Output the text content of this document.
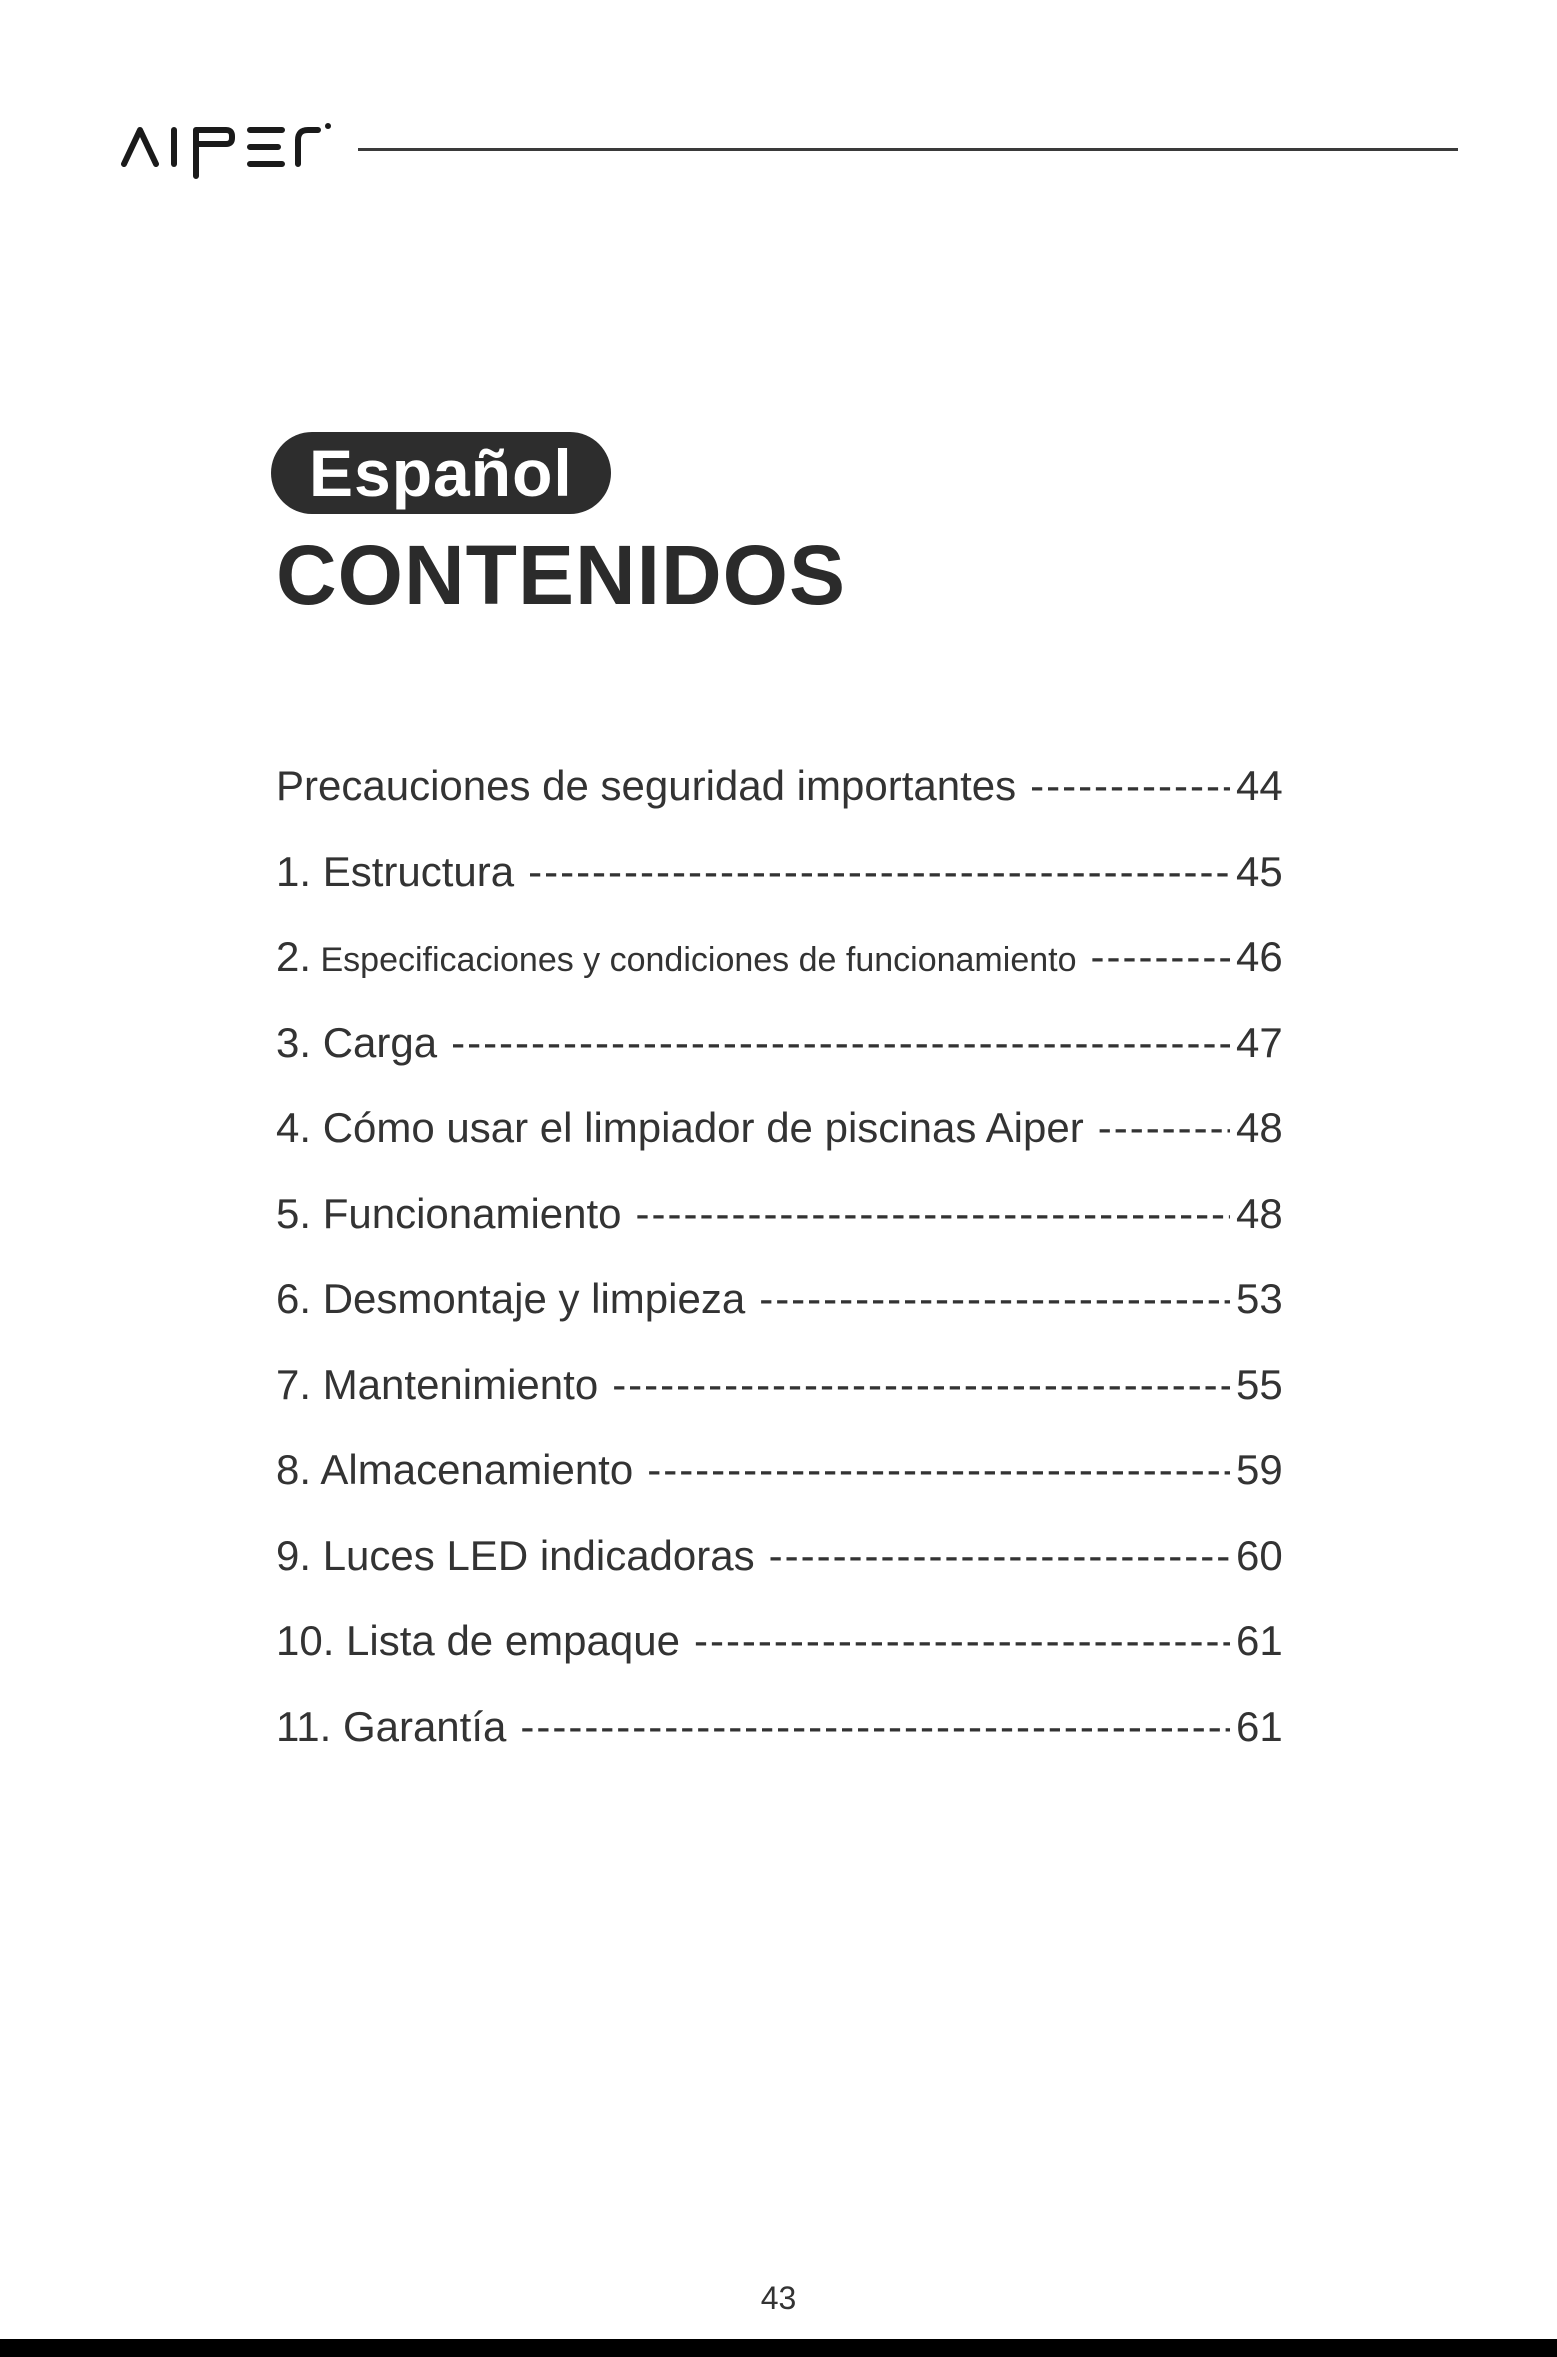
Español
CONTENIDOS
Precauciones de seguridad importantes -----	44
1. Estructura -----	45
2. Especificaciones y condiciones de funcionamiento -----	46
3. Carga -----	47
4. Cómo usar el limpiador de piscinas Aiper -----	48
5. Funcionamiento -----	48
6. Desmontaje y limpieza -----	53
7. Mantenimiento -----	55
8. Almacenamiento -----	59
9. Luces LED indicadoras -----	60
10. Lista de empaque -----	61
11. Garantía -----	61
43
